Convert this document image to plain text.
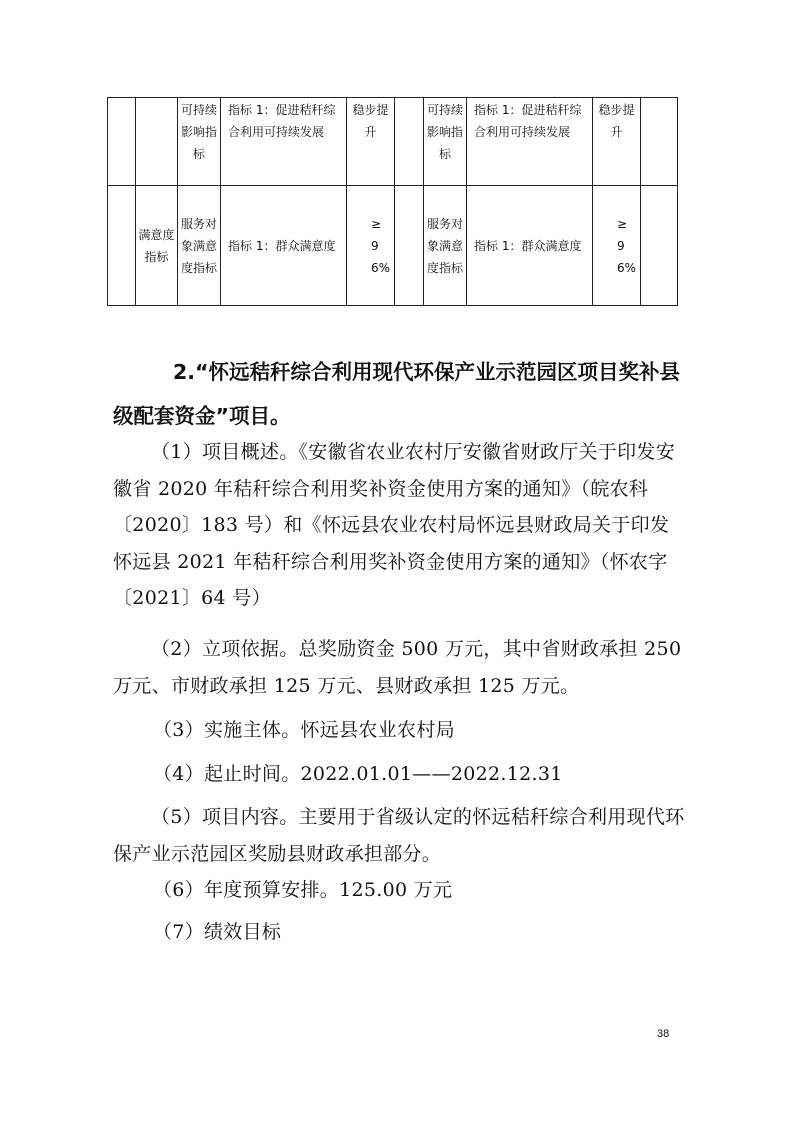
		可持续影响指标	指标 1：促进秸秆综合利用可持续发展	稳步提升		可持续影响指标	指标 1：促进秸秆综合利用可持续发展	稳步提升	
	满意度指标	服务对象满意度指标	指标 1：群众满意度	≥ 96%		服务对象满意度指标	指标 1：群众满意度	≥ 96%	
2.“怀远秸秆综合利用现代环保产业示范园区项目奖补县级配套资金”项目。
（1）项目概述。《安徽省农业农村厅安徽省财政厅关于印发安徽省 2020 年秸秆综合利用奖补资金使用方案的通知》（皖农科〔2020〕183 号）和《怀远县农业农村局怀远县财政局关于印发怀远县 2021 年秸秆综合利用奖补资金使用方案的通知》（怀农字〔2021〕64 号）
（2）立项依据。总奖励资金 500 万元，其中省财政承担 250 万元、市财政承担 125 万元、县财政承担 125 万元。
（3）实施主体。怀远县农业农村局
（4）起止时间。2022.01.01——2022.12.31
（5）项目内容。主要用于省级认定的怀远秸秆综合利用现代环保产业示范园区奖励县财政承担部分。
（6）年度预算安排。125.00 万元
（7）绩效目标
38
